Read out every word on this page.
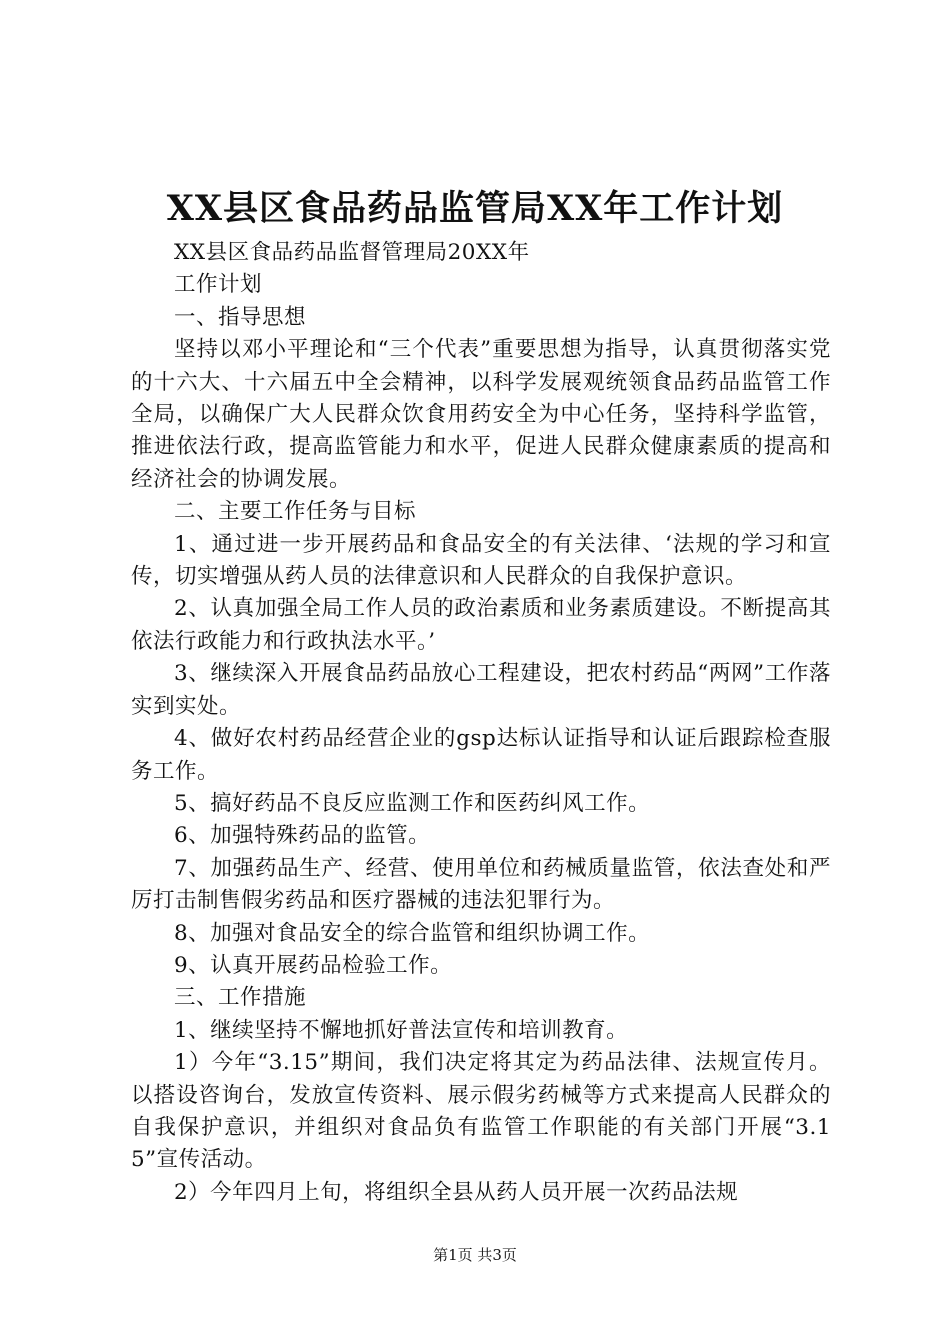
XX县区食品药品监管局XX年工作计划

XX县区食品药品监督管理局20XX年

工作计划

一、指导思想

坚持以邓小平理论和“三个代表”重要思想为指导，认真贯彻落实党的十六大、十六届五中全会精神，以科学发展观统领食品药品监管工作全局，以确保广大人民群众饮食用药安全为中心任务，坚持科学监管，推进依法行政，提高监管能力和水平，促进人民群众健康素质的提高和经济社会的协调发展。

二、主要工作任务与目标

1、通过进一步开展药品和食品安全的有关法律、‘法规的学习和宣传，切实增强从药人员的法律意识和人民群众的自我保护意识。

2、认真加强全局工作人员的政治素质和业务素质建设。不断提高其依法行政能力和行政执法水平。’

3、继续深入开展食品药品放心工程建设，把农村药品“两网”工作落实到实处。

4、做好农村药品经营企业的gsp达标认证指导和认证后跟踪检查服务工作。

5、搞好药品不良反应监测工作和医药纠风工作。

6、加强特殊药品的监管。

7、加强药品生产、经营、使用单位和药械质量监管，依法查处和严厉打击制售假劣药品和医疗器械的违法犯罪行为。

8、加强对食品安全的综合监管和组织协调工作。

9、认真开展药品检验工作。

三、工作措施

1、继续坚持不懈地抓好普法宣传和培训教育。

1）今年“3.15”期间，我们决定将其定为药品法律、法规宣传月。以搭设咨询台，发放宣传资料、展示假劣药械等方式来提高人民群众的自我保护意识，并组织对食品负有监管工作职能的有关部门开展“3.15”宣传活动。

2）今年四月上旬，将组织全县从药人员开展一次药品法规

第1页 共3页
